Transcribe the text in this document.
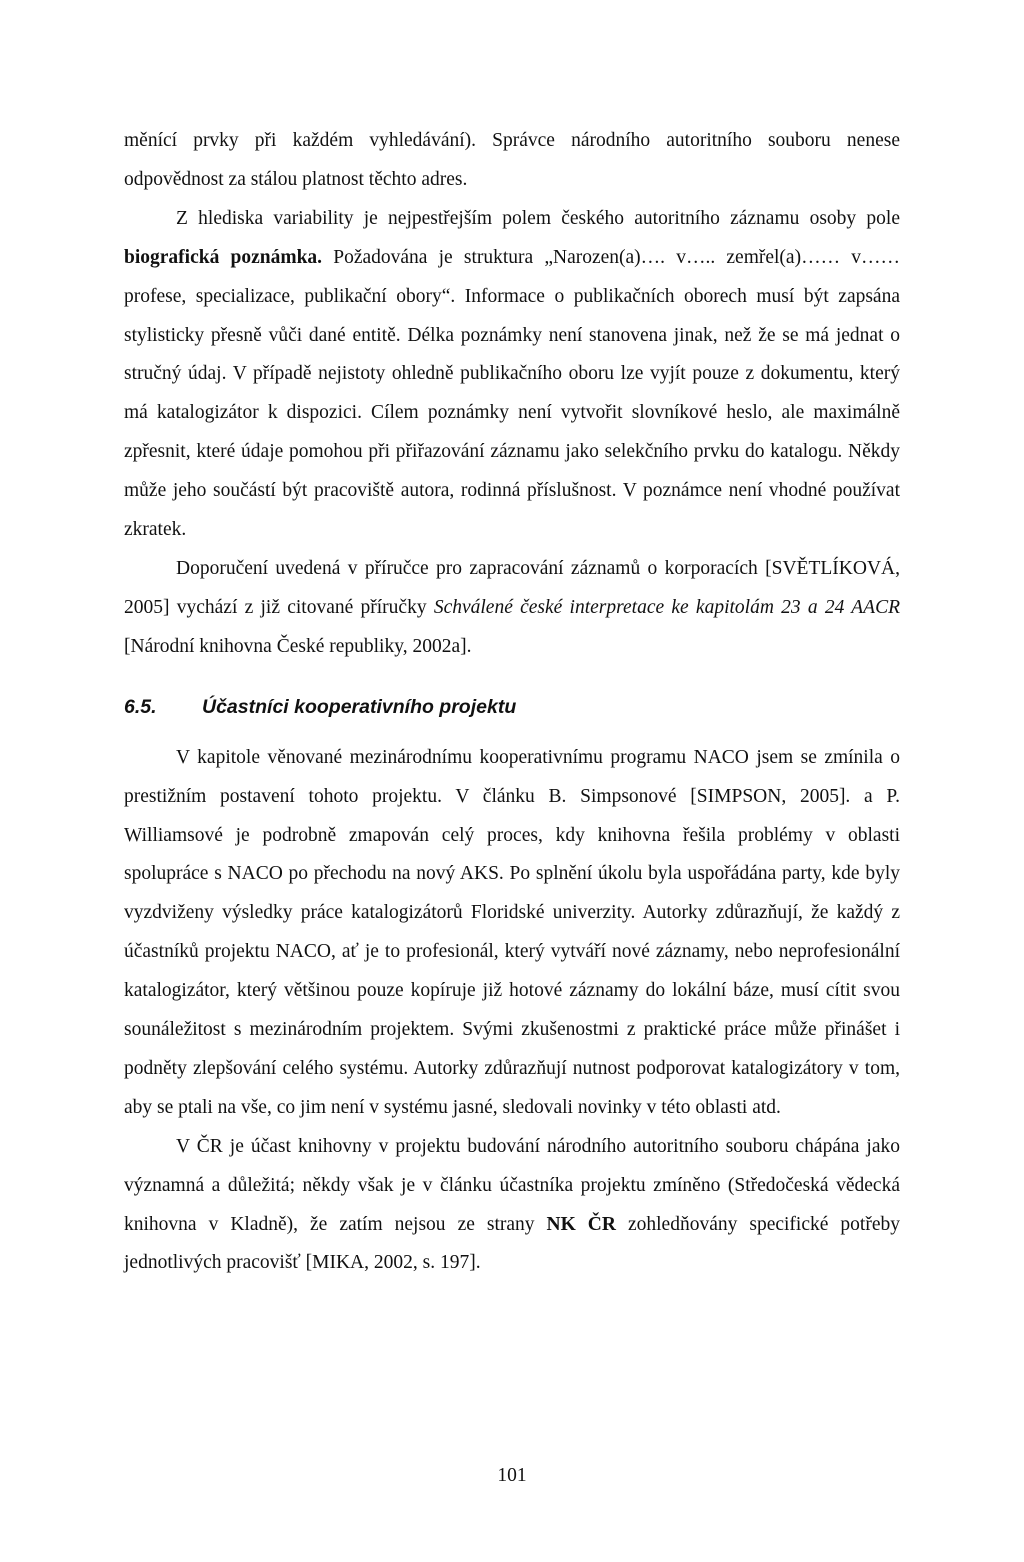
měnící prvky při každém vyhledávání). Správce národního autoritního souboru nenese odpovědnost za stálou platnost těchto adres.

Z hlediska variability je nejpestřejším polem českého autoritního záznamu osoby pole biografická poznámka. Požadována je struktura „Narozen(a)…. v….. zemřel(a)…… v……profese, specializace, publikační obory“. Informace o publikačních oborech musí být zapsána stylisticky přesně vůči dané entitě. Délka poznámky není stanovena jinak, než že se má jednat o stručný údaj. V případě nejistoty ohledně publikačního oboru lze vyjít pouze z dokumentu, který má katalogizátor k dispozici. Cílem poznámky není vytvořit slovníkové heslo, ale maximálně zpřesnit, které údaje pomohou při přiřazování záznamu jako selekčního prvku do katalogu. Někdy může jeho součástí být pracoviště autora, rodinná příslušnost. V poznámce není vhodné používat zkratek.

Doporučení uvedená v příručce pro zapracování záznamů o korporacích [SVĚTLÍKOVÁ, 2005] vychází z již citované příručky Schválené české interpretace ke kapitolám 23 a 24 AACR [Národní knihovna České republiky, 2002a].

6.5.	Účastníci kooperativního projektu

V kapitole věnované mezinárodnímu kooperativnímu programu NACO jsem se zmínila o prestižním postavení tohoto projektu. V článku B. Simpsonové [SIMPSON, 2005]. a P. Williamsové je podrobně zmapován celý proces, kdy knihovna řešila problémy v oblasti spolupráce s NACO po přechodu na nový AKS. Po splnění úkolu byla uspořádána party, kde byly vyzdviženy výsledky práce katalogizátorů Floridské univerzity. Autorky zdůrazňují, že každý z účastníků projektu NACO, ať je to profesionál, který vytváří nové záznamy, nebo neprofesionální katalogizátor, který většinou pouze kopíruje již hotové záznamy do lokální báze, musí cítit svou sounáležitost s mezinárodním projektem. Svými zkušenostmi z praktické práce může přinášet i podněty zlepšování celého systému. Autorky zdůrazňují nutnost podporovat katalogizátory v tom, aby se ptali na vše, co jim není v systému jasné, sledovali novinky v této oblasti atd.

V ČR je účast knihovny v projektu budování národního autoritního souboru chápána jako významná a důležitá; někdy však je v článku účastníka projektu zmíněno (Středočeská vědecká knihovna v Kladně), že zatím nejsou ze strany NK ČR zohledňovány specifické potřeby jednotlivých pracovišť [MIKA, 2002, s. 197].

101
